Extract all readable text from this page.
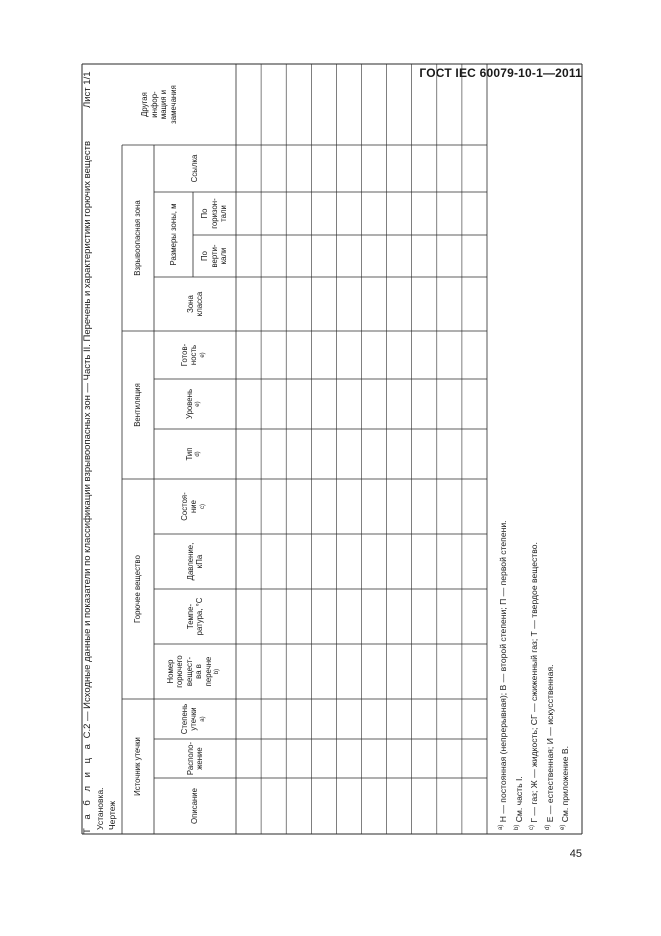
ГОСТ IEC 60079-10-1—2011
Т а б л и ц а С.2 — Исходные данные и показатели по классификации взрывоопасных зон — Часть II. Перечень и характеристики горючих веществ
Лист 1/1
Установка. Чертеж
Источник утечки
Горючее вещество
Вентиляция
Взрывоопасная зона	Размеры зоны, м
Описание
Располо-
жение
Номер
горючего
вещест-
ва в
перечне $^{b)}$
Темпе-
ратура, °С
Давление,
кПа
Состоя-
ние $^{c)}$
Тип $^{d)}$
Уровень $^{e)}$
Готов-
ность $^{e)}$
Зона
класса
По
верти-
кали
По
горизон-
тали
Ссылка
Другая
инфор-
мация и
замечания
Степень
утечки $^{a)}$
$^{a)}$ Н — постоянная (непрерывная); В — второй степени; П — первой степени.
$^{b)}$ См. часть I.
$^{c)}$ Г — газ; Ж — жидкость; СГ — сжиженный газ; Т — твердое вещество.
$^{d)}$ Е — естественная; И — искусственная.
$^{e)}$ См. приложение В.
45
